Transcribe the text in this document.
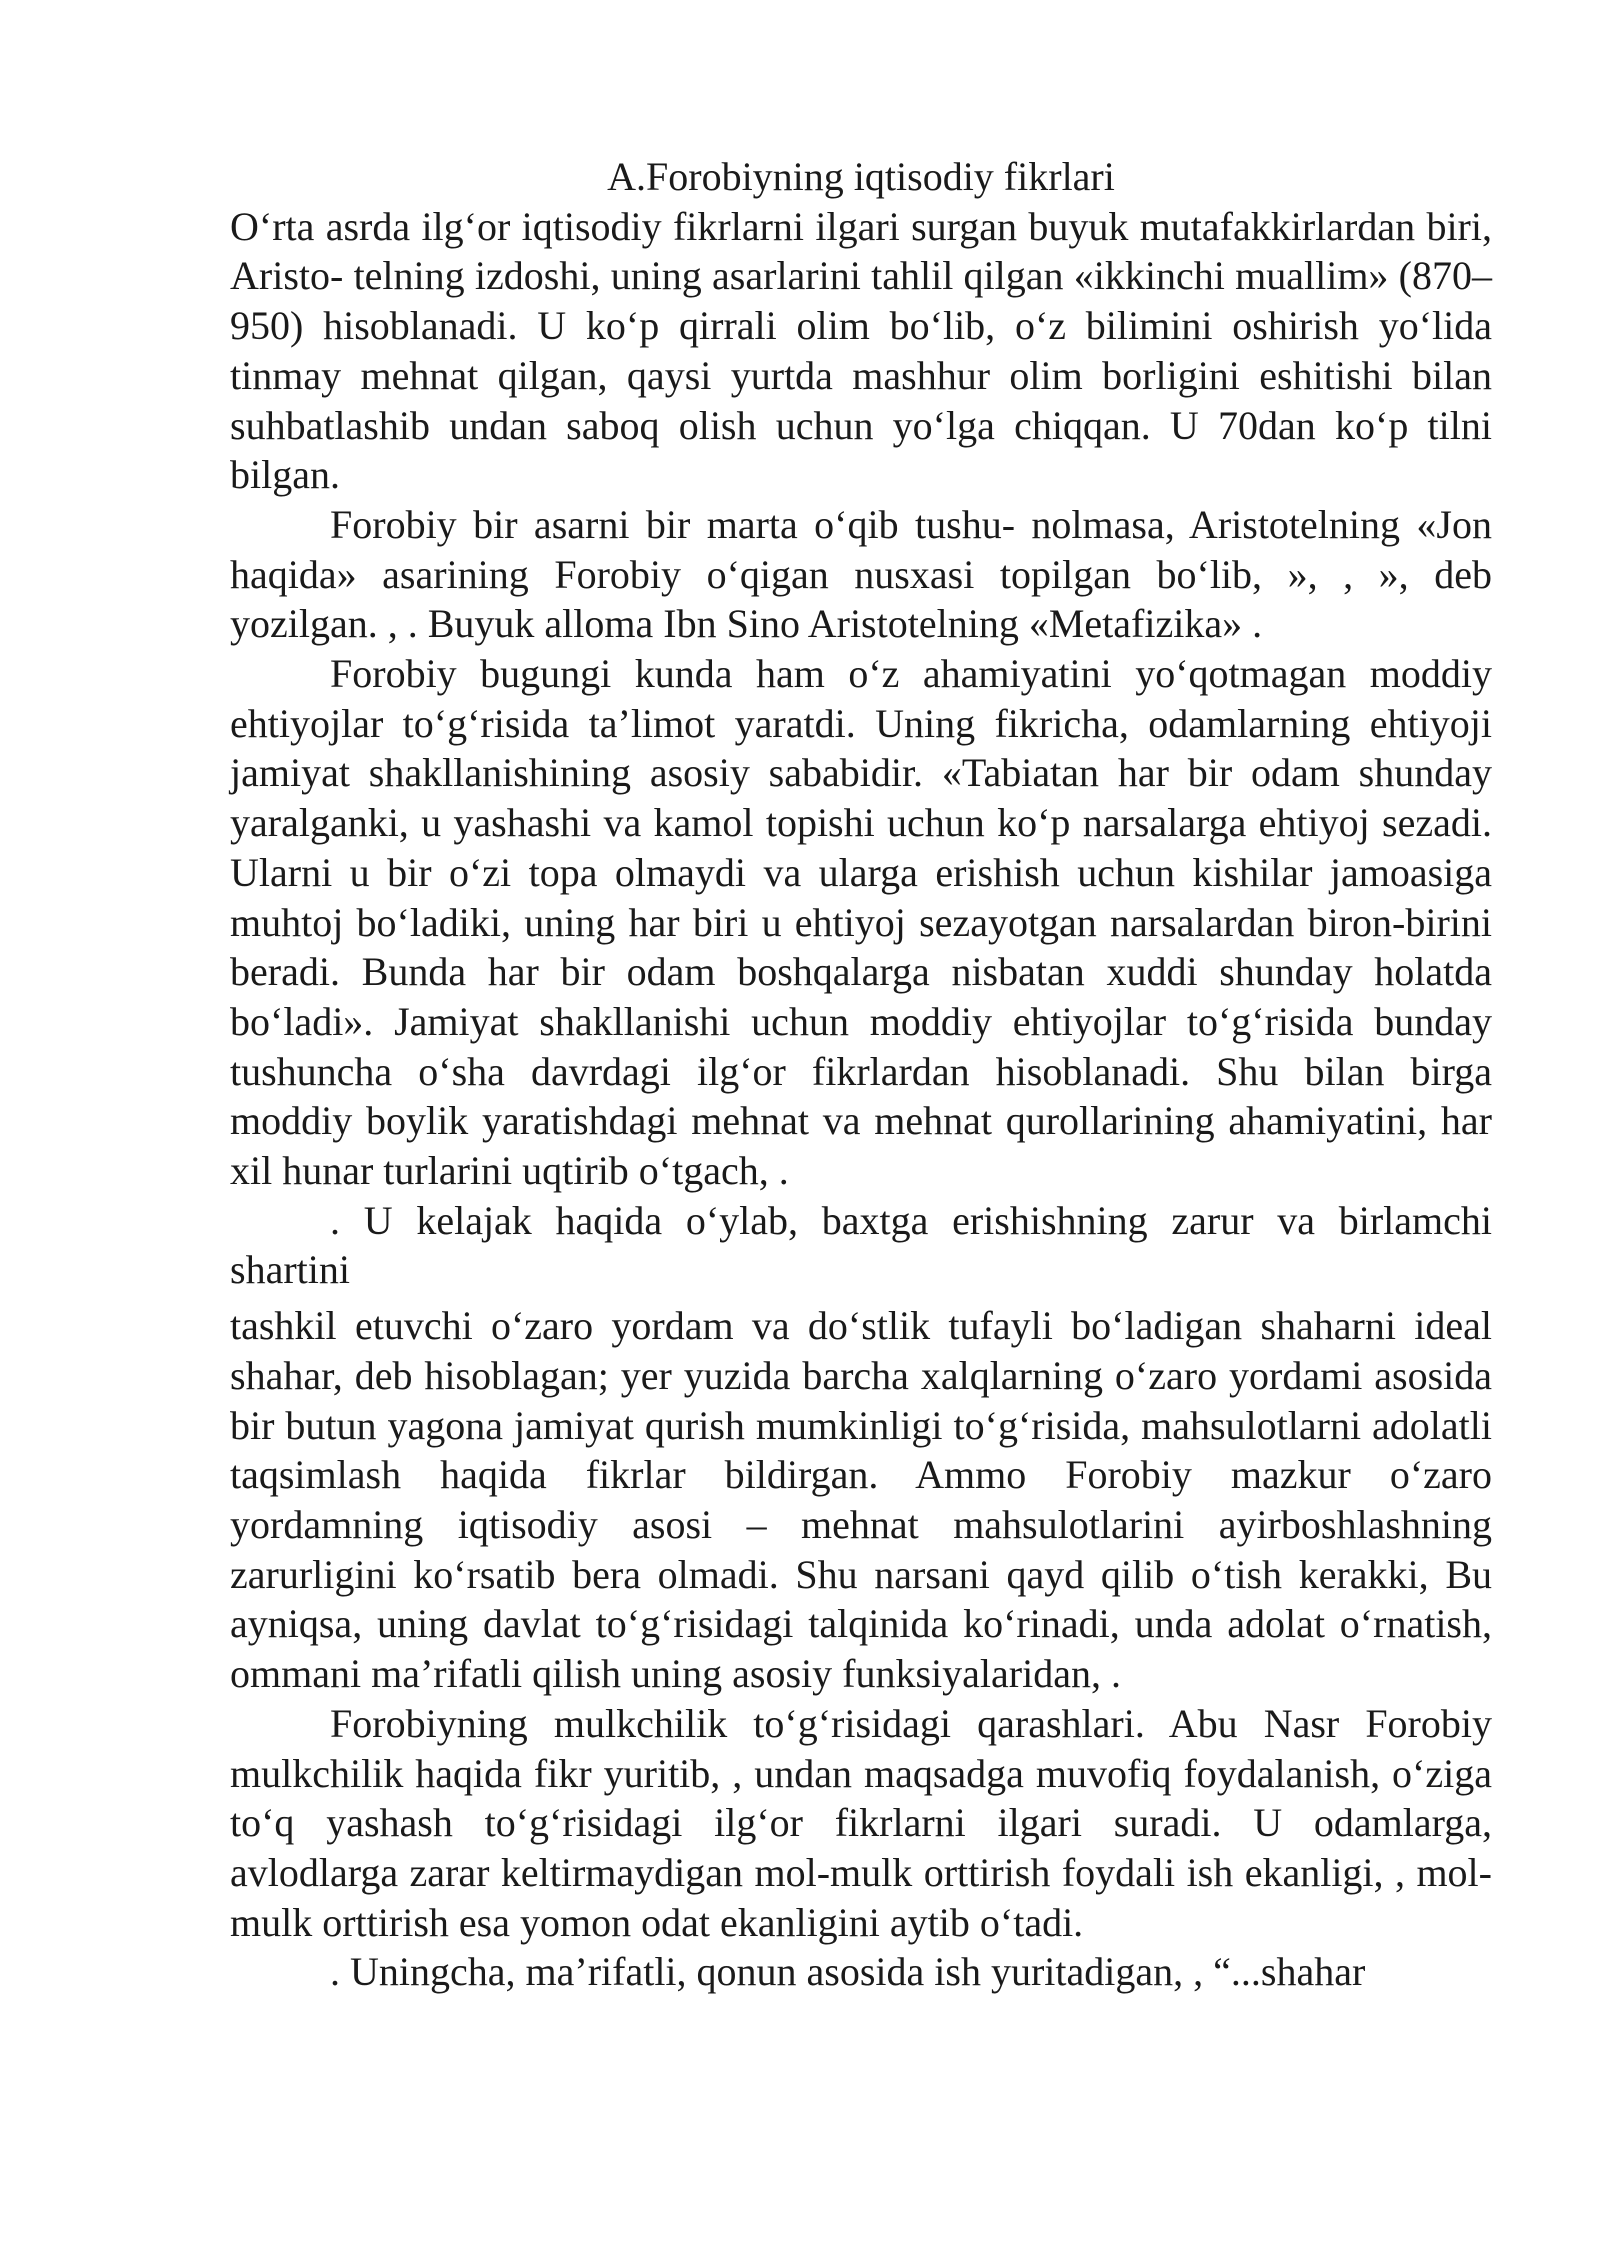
A.Forobiyning iqtisodiy fikrlari

O‘rta asrda ilg‘or iqtisodiy fikrlarni ilgari surgan buyuk mutafakkirlardan biri, Aristo- telning izdoshi, uning asarlarini tahlil qilgan «ikkinchi muallim» (870– 950) hisoblanadi. U ko‘p qirrali olim bo‘lib, o‘z bilimini oshirish yo‘lida tinmay mehnat qilgan, qaysi yurtda mashhur olim borligini eshitishi bilan suhbatlashib undan saboq olish uchun yo‘lga chiqqan. U 70dan ko‘p tilni bilgan.

Forobiy bir asarni bir marta o‘qib tushu- nolmasa, Aristotelning «Jon haqida» asarining Forobiy o‘qigan nusxasi topilgan bo‘lib, », , », deb yozilgan. , . Buyuk alloma Ibn Sino Aristotelning «Metafizika» .

Forobiy bugungi kunda ham o‘z ahamiyatini yo‘qotmagan moddiy ehtiyojlar to‘g‘risida ta’limot yaratdi. Uning fikricha, odamlarning ehtiyoji jamiyat shakllanishining asosiy sababidir. «Tabiatan har bir odam shunday yaralganki, u yashashi va kamol topishi uchun ko‘p narsalarga ehtiyoj sezadi. Ularni u bir o‘zi topa olmaydi va ularga erishish uchun kishilar jamoasiga muhtoj bo‘ladiki, uning har biri u ehtiyoj sezayotgan narsalardan biron-birini beradi. Bunda har bir odam boshqalarga nisbatan xuddi shunday holatda bo‘ladi». Jamiyat shakllanishi uchun moddiy ehtiyojlar to‘g‘risida bunday tushuncha o‘sha davrdagi ilg‘or fikrlardan hisoblanadi. Shu bilan birga moddiy boylik yaratishdagi mehnat va mehnat qurollarining ahamiyatini, har xil hunar turlarini uqtirib o‘tgach, .

. U kelajak haqida o‘ylab, baxtga erishishning zarur va birlamchi shartini

tashkil etuvchi o‘zaro yordam va do‘stlik tufayli bo‘ladigan shaharni ideal shahar, deb hisoblagan; yer yuzida barcha xalqlarning o‘zaro yordami asosida bir butun yagona jamiyat qurish mumkinligi to‘g‘risida, mahsulotlarni adolatli taqsimlash haqida fikrlar bildirgan. Ammo Forobiy mazkur o‘zaro yordamning iqtisodiy asosi – mehnat mahsulotlarini ayirboshlashning zarurligini ko‘rsatib bera olmadi. Shu narsani qayd qilib o‘tish kerakki, Bu ayniqsa, uning davlat to‘g‘risidagi talqinida ko‘rinadi, unda adolat o‘rnatish, ommani ma’rifatli qilish uning asosiy funksiyalaridan, .

Forobiyning mulkchilik to‘g‘risidagi qarashlari. Abu Nasr Forobiy mulkchilik haqida fikr yuritib, , undan maqsadga muvofiq foydalanish, o‘ziga to‘q yashash to‘g‘risidagi ilg‘or fikrlarni ilgari suradi. U odamlarga, avlodlarga zarar keltirmaydigan mol-mulk orttirish foydali ish ekanligi, , mol-mulk orttirish esa yomon odat ekanligini aytib o‘tadi.

. Uningcha, ma’rifatli, qonun asosida ish yuritadigan, , “...shahar
